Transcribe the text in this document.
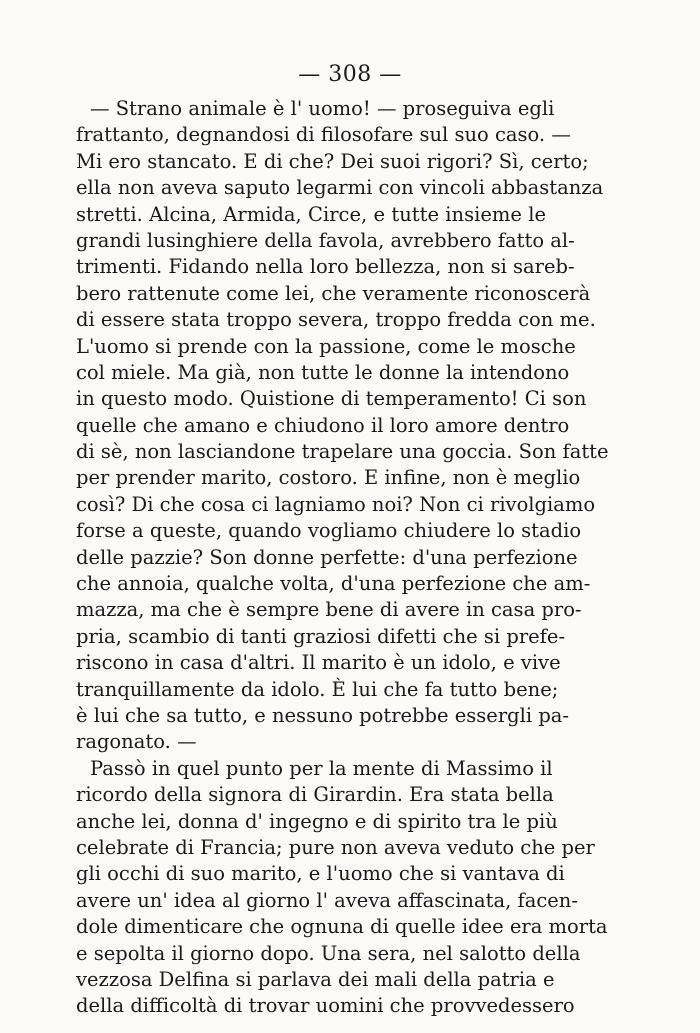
— 308 —
— Strano animale è l' uomo! — proseguiva egli
frattanto, degnandosi di filosofare sul suo caso. —
Mi ero stancato. E di che? Dei suoi rigori? Sì, certo;
ella non aveva saputo legarmi con vincoli abbastanza
stretti. Alcina, Armida, Circe, e tutte insieme le
grandi lusinghiere della favola, avrebbero fatto al-
trimenti. Fidando nella loro bellezza, non si sareb-
bero rattenute come lei, che veramente riconoscerà
di essere stata troppo severa, troppo fredda con me.
L'uomo si prende con la passione, come le mosche
col miele. Ma già, non tutte le donne la intendono
in questo modo. Quistione di temperamento! Ci son
quelle che amano e chiudono il loro amore dentro
di sè, non lasciandone trapelare una goccia. Son fatte
per prender marito, costoro. E infine, non è meglio
così? Di che cosa ci lagniamo noi? Non ci rivolgiamo
forse a queste, quando vogliamo chiudere lo stadio
delle pazzie? Son donne perfette: d'una perfezione
che annoia, qualche volta, d'una perfezione che am-
mazza, ma che è sempre bene di avere in casa pro-
pria, scambio di tanti graziosi difetti che si prefe-
riscono in casa d'altri. Il marito è un idolo, e vive
tranquillamente da idolo. È lui che fa tutto bene;
è lui che sa tutto, e nessuno potrebbe essergli pa-
ragonato. —
Passò in quel punto per la mente di Massimo il
ricordo della signora di Girardin. Era stata bella
anche lei, donna d' ingegno e di spirito tra le più
celebrate di Francia; pure non aveva veduto che per
gli occhi di suo marito, e l'uomo che si vantava di
avere un' idea al giorno l' aveva affascinata, facen-
dole dimenticare che ognuna di quelle idee era morta
e sepolta il giorno dopo. Una sera, nel salotto della
vezzosa Delfina si parlava dei mali della patria e
della difficoltà di trovar uomini che provvedessero
